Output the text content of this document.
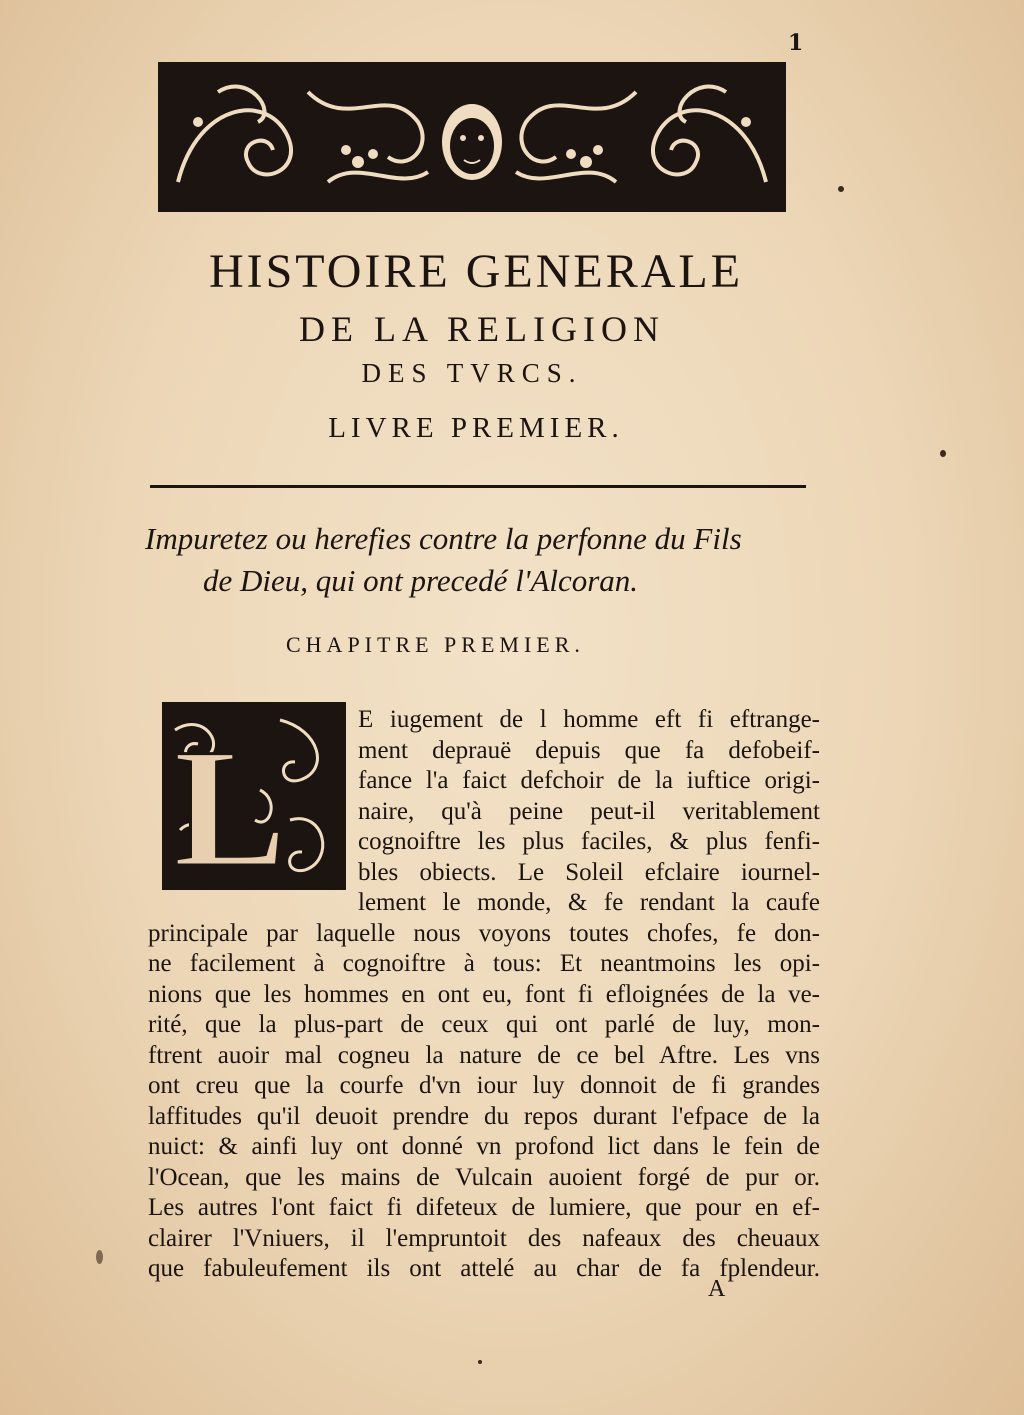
1
HISTOIRE GENERALE
DE LA RELIGION
DES TVRCS.
LIVRE PREMIER.
Impuretez ou herefies contre la perfonne du Fils
de Dieu, qui ont precedé l'Alcoran.
CHAPITRE PREMIER.
L	E iugement de l homme eft fi eftrange-
ment deprauë depuis que fa defobeif-
fance l'a faict defchoir de la iuftice origi-
naire, qu'à peine peut-il veritablement
cognoiftre les plus faciles, & plus fenfi-
bles obiects. Le Soleil efclaire iournel-
lement le monde, & fe rendant la caufe
principale par laquelle nous voyons toutes chofes, fe don-
ne facilement à cognoiftre à tous: Et neantmoins les opi-
nions que les hommes en ont eu, font fi efloignées de la ve-
rité, que la plus-part de ceux qui ont parlé de luy, mon-
ftrent auoir mal cogneu la nature de ce bel Aftre. Les vns
ont creu que la courfe d'vn iour luy donnoit de fi grandes
laffitudes qu'il deuoit prendre du repos durant l'efpace de la
nuict: & ainfi luy ont donné vn profond lict dans le fein de
l'Ocean, que les mains de Vulcain auoient forgé de pur or.
Les autres l'ont faict fi difeteux de lumiere, que pour en ef-
clairer l'Vniuers, il l'empruntoit des nafeaux des cheuaux
que fabuleufement ils ont attelé au char de fa fplendeur.
A
